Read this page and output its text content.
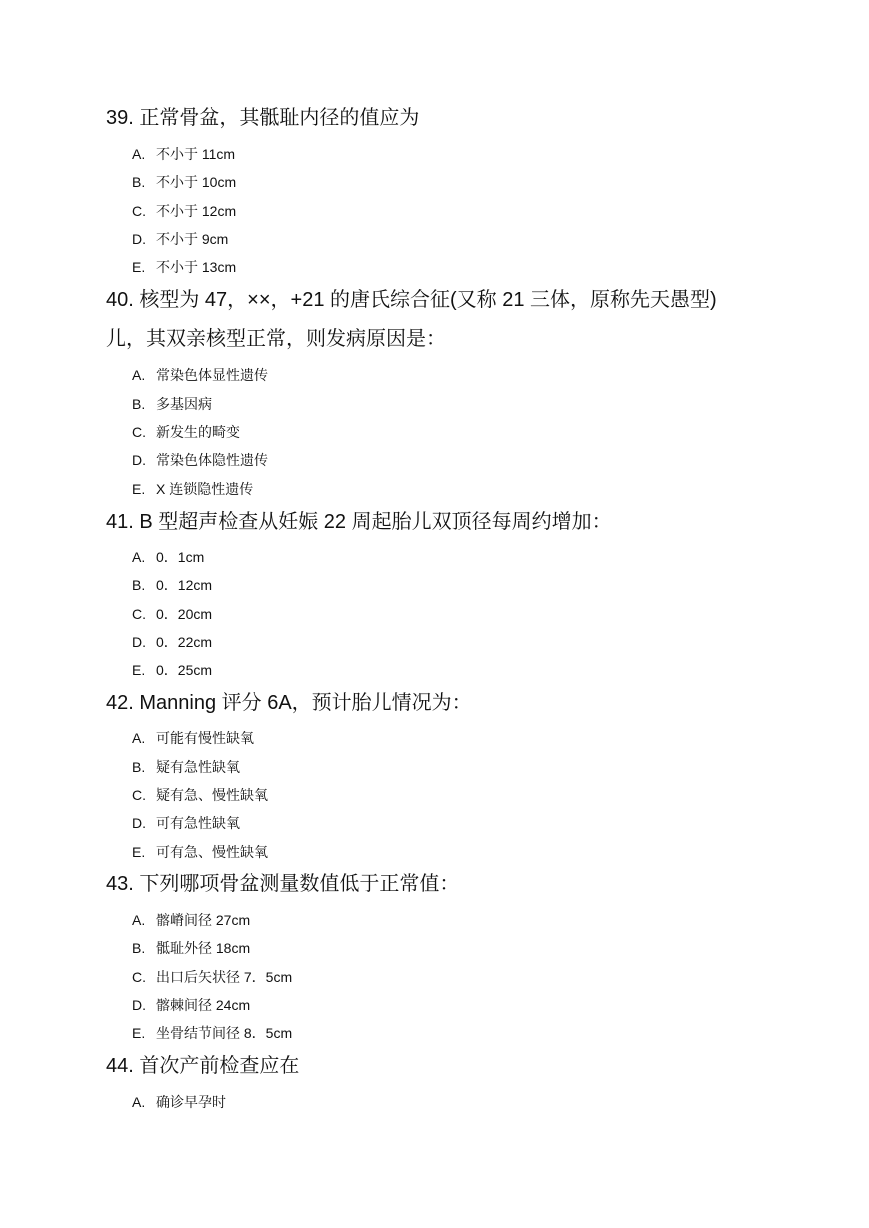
39. 正常骨盆，其骶耻内径的值应为
A. 不小于 11cm
B. 不小于 10cm
C. 不小于 12cm
D. 不小于 9cm
E. 不小于 13cm
40. 核型为 47，××，+21 的唐氏综合征(又称 21 三体，原称先天愚型)
儿，其双亲核型正常，则发病原因是：
A. 常染色体显性遗传
B. 多基因病
C. 新发生的畸变
D. 常染色体隐性遗传
E. X 连锁隐性遗传
41. B 型超声检查从妊娠 22 周起胎儿双顶径每周约增加：
A. 0．1cm
B. 0．12cm
C. 0．20cm
D. 0．22cm
E. 0．25cm
42. Manning 评分 6A，预计胎儿情况为：
A. 可能有慢性缺氧
B. 疑有急性缺氧
C. 疑有急、慢性缺氧
D. 可有急性缺氧
E. 可有急、慢性缺氧
43. 下列哪项骨盆测量数值低于正常值：
A. 髂嵴间径 27cm
B. 骶耻外径 18cm
C. 出口后矢状径 7．5cm
D. 髂棘间径 24cm
E. 坐骨结节间径 8．5cm
44. 首次产前检查应在
A. 确诊早孕时
